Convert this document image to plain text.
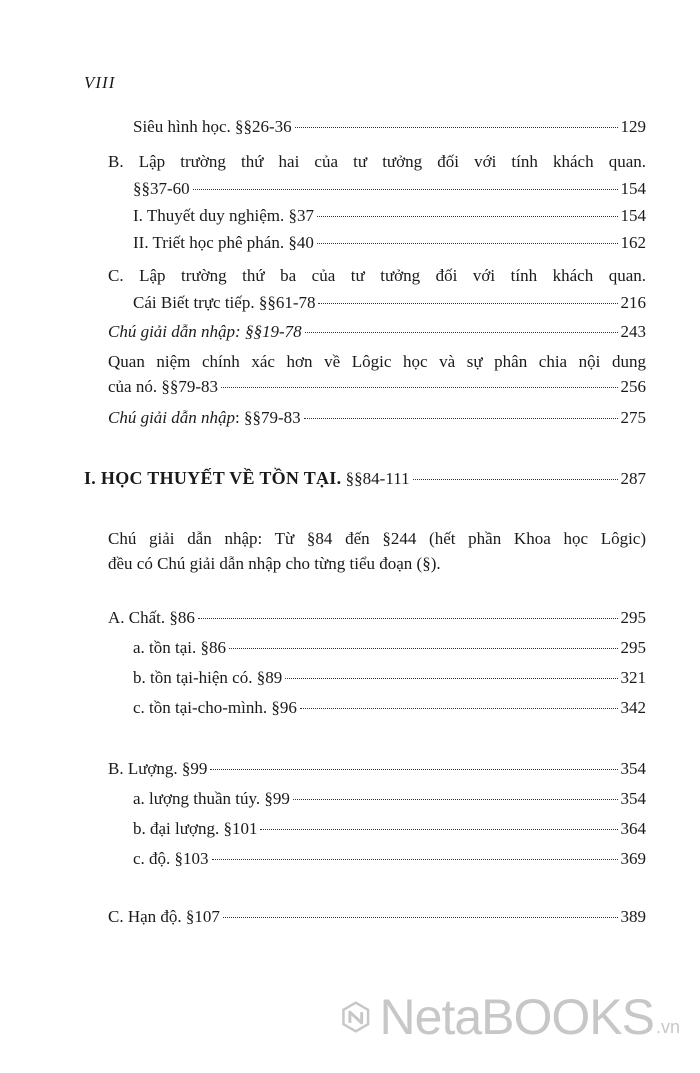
VIII
Siêu hình học. §§26-36	129
B. Lập trường thứ hai của tư tưởng đối với tính khách quan.
§§37-60	154
I. Thuyết duy nghiệm. §37	154
II. Triết học phê phán. §40	162
C. Lập trường thứ ba của tư tưởng đối với tính khách quan.
Cái Biết trực tiếp. §§61-78	216
Chú giải dẫn nhập: §§19-78	243
Quan niệm chính xác hơn về Lôgic học và sự phân chia nội dung
của nó. §§79-83	256
Chú giải dẫn nhập: §§79-83	275
I. HỌC THUYẾT VỀ TỒN TẠI. §§84-111	287
Chú giải dẫn nhập: Từ §84 đến §244 (hết phần Khoa học Lôgic)
đều có Chú giải dẫn nhập cho từng tiểu đoạn (§).
A. Chất. §86	295
a. tồn tại. §86	295
b. tồn tại-hiện có. §89	321
c. tồn tại-cho-mình. §96	342
B. Lượng. §99	354
a. lượng thuần túy. §99	354
b. đại lượng. §101	364
c. độ. §103	369
C. Hạn độ. §107	389
NetaBOOKS .vn
